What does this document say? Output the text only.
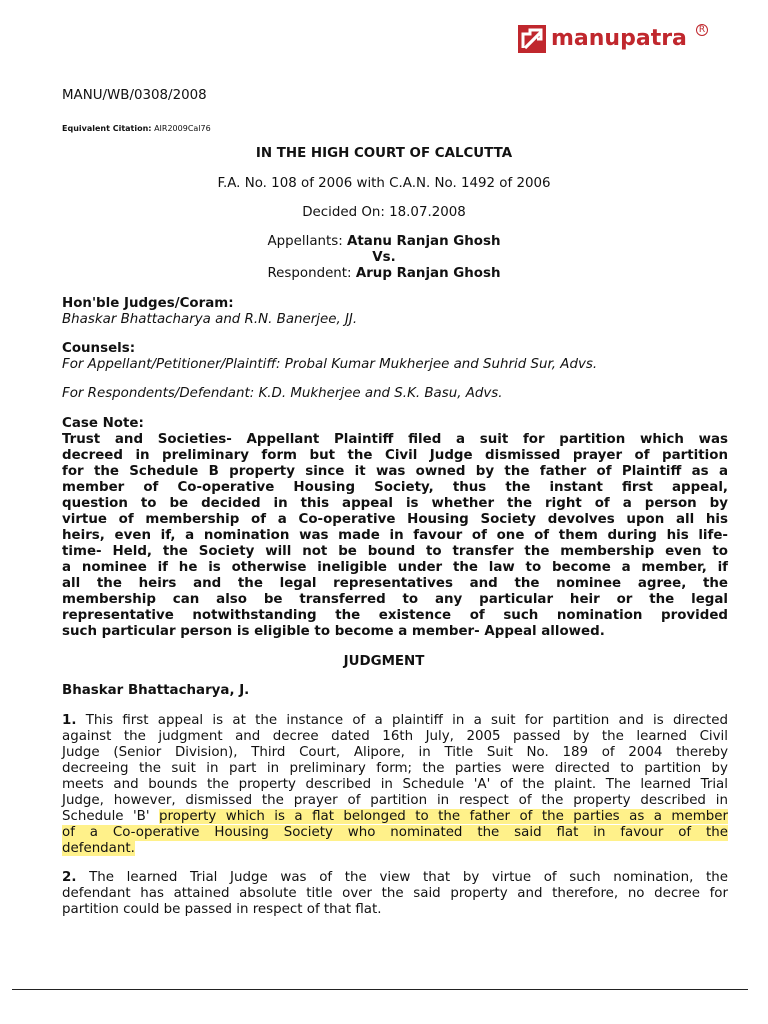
manupatra	R
MANU/WB/0308/2008
Equivalent Citation: AIR2009Cal76
IN THE HIGH COURT OF CALCUTTA
F.A. No. 108 of 2006 with C.A.N. No. 1492 of 2006
Decided On: 18.07.2008
Appellants: Atanu Ranjan Ghosh
Vs.
Respondent: Arup Ranjan Ghosh
Hon'ble Judges/Coram:
Bhaskar Bhattacharya and R.N. Banerjee, JJ.
Counsels:
For Appellant/Petitioner/Plaintiff: Probal Kumar Mukherjee and Suhrid Sur, Advs.
For Respondents/Defendant: K.D. Mukherjee and S.K. Basu, Advs.
Case Note:
Trust and Societies- Appellant Plaintiff filed a suit for partition which was
decreed in preliminary form but the Civil Judge dismissed prayer of partition
for the Schedule B property since it was owned by the father of Plaintiff as a
member of Co-operative Housing Society, thus the instant first appeal,
question to be decided in this appeal is whether the right of a person by
virtue of membership of a Co-operative Housing Society devolves upon all his
heirs, even if, a nomination was made in favour of one of them during his life-
time- Held, the Society will not be bound to transfer the membership even to
a nominee if he is otherwise ineligible under the law to become a member, if
all the heirs and the legal representatives and the nominee agree, the
membership can also be transferred to any particular heir or the legal
representative notwithstanding the existence of such nomination provided
such particular person is eligible to become a member- Appeal allowed.
JUDGMENT
Bhaskar Bhattacharya, J.
1. This first appeal is at the instance of a plaintiff in a suit for partition and is directed
against the judgment and decree dated 16th July, 2005 passed by the learned Civil
Judge (Senior Division), Third Court, Alipore, in Title Suit No. 189 of 2004 thereby
decreeing the suit in part in preliminary form; the parties were directed to partition by
meets and bounds the property described in Schedule 'A' of the plaint. The learned Trial
Judge, however, dismissed the prayer of partition in respect of the property described in
Schedule 'B' property which is a flat belonged to the father of the parties as a member
of a Co-operative Housing Society who nominated the said flat in favour of the
defendant.
2. The learned Trial Judge was of the view that by virtue of such nomination, the
defendant has attained absolute title over the said property and therefore, no decree for
partition could be passed in respect of that flat.
